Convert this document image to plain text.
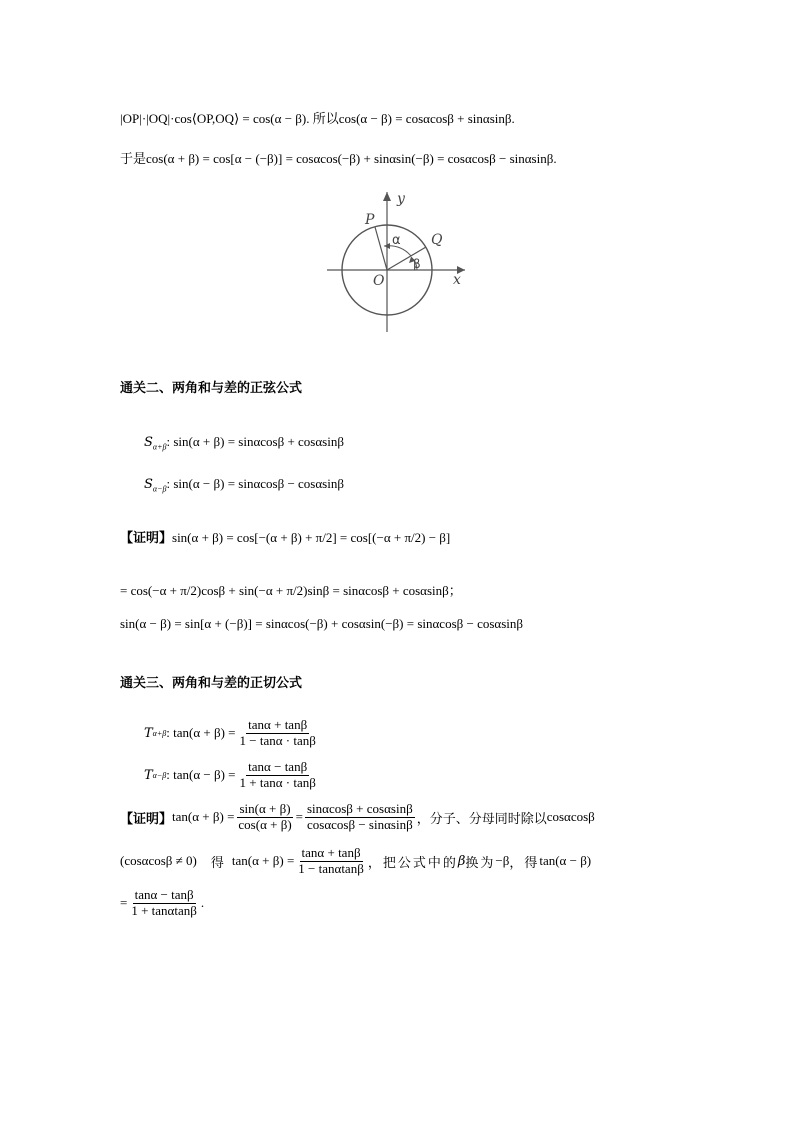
|OP|·|OQ|·cos⟨OP,OQ⟩ = cos(α − β). 所以cos(α − β) = cosαcosβ + sinαsinβ.
于是cos(α + β) = cos[α − (−β)] = cosαcos(−β) + sinαsin(−β) = cosαcosβ − sinαsinβ.
y
x
O
P
Q
α
β
通关二、两角和与差的正弦公式
$S_{\alpha+\beta}$: sin(α + β) = sinαcosβ + cosαsinβ
$S_{\alpha-\beta}$: sin(α − β) = sinαcosβ − cosαsinβ
【证明】sin(α + β) = cos[−(α + β) + π/2] = cos[(−α + π/2) − β]
= cos(−α + π/2)cosβ + sin(−α + π/2)sinβ = sinαcosβ + cosαsinβ；
sin(α − β) = sin[α + (−β)] = sinαcos(−β) + cosαsin(−β) = sinαcosβ − cosαsinβ
通关三、两角和与差的正切公式
T α+β : $\tan(\alpha + \beta) = \frac{\tan\alpha + \tan\beta}{1 - \tan\alpha \cdot \tan\beta}$
T α−β : $\tan(\alpha - \beta) = \frac{\tan\alpha - \tan\beta}{1 + \tan\alpha \cdot \tan\beta}$
【证明】 $\tan(\alpha + \beta) = \frac{\sin(\alpha + \beta)}{\cos(\alpha + \beta)} = \frac{\sin\alpha\cos\beta + \cos\alpha\sin\beta}{\cos\alpha\cos\beta - \sin\alpha\sin\beta}$ ，分子、分母同时除以 cosαcosβ
(cosαcosβ ≠ 0) 得 $\tan(\alpha + \beta) = \frac{\tan\alpha + \tan\beta}{1 - \tan\alpha\tan\beta}$ ，把公式中的 β 换为 −β ，得 tan(α − β)
= $\frac{\tan\alpha - \tan\beta}{1 + \tan\alpha\tan\beta}$ .
